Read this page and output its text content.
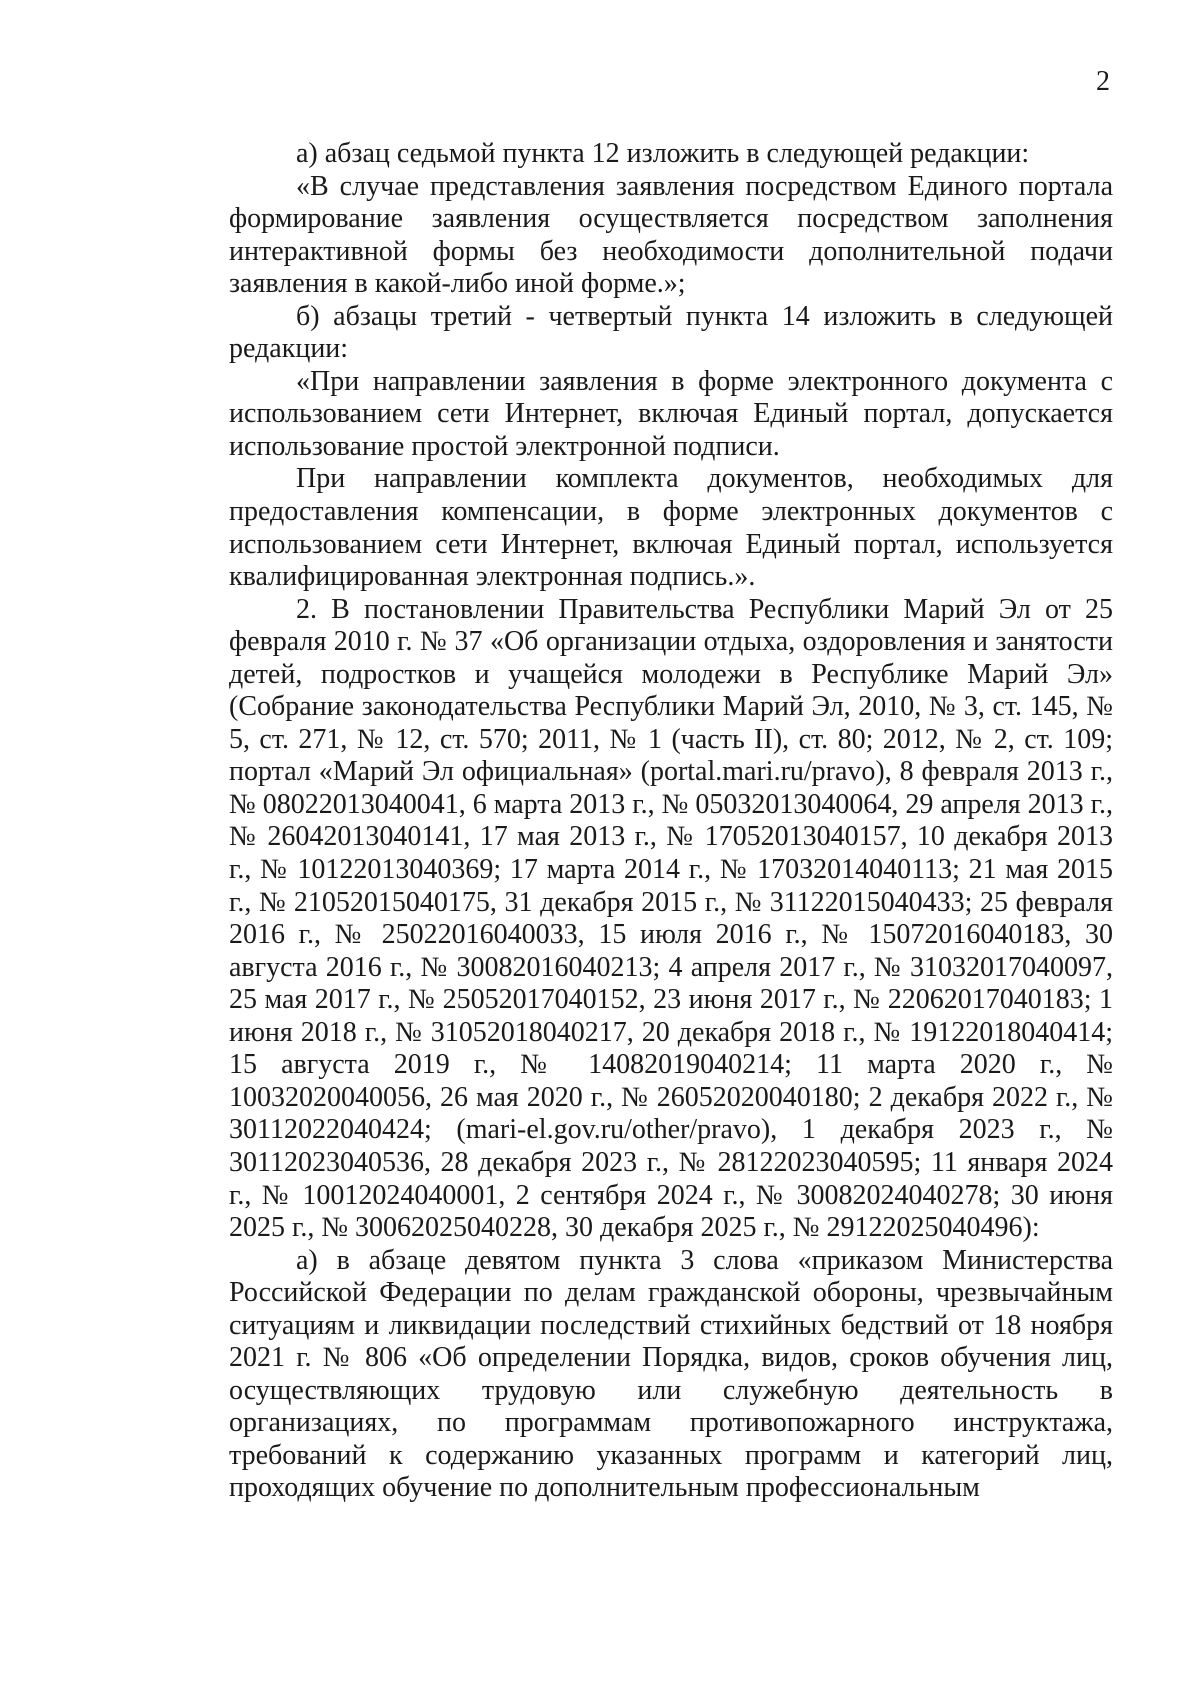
2

а) абзац седьмой пункта 12 изложить в следующей редакции:

«В случае представления заявления посредством Единого портала формирование заявления осуществляется посредством заполнения интерактивной формы без необходимости дополнительной подачи заявления в какой-либо иной форме.»;

б) абзацы третий - четвертый пункта 14 изложить в следующей редакции:

«При направлении заявления в форме электронного документа с использованием сети Интернет, включая Единый портал, допускается использование простой электронной подписи.

При направлении комплекта документов, необходимых для предоставления компенсации, в форме электронных документов с использованием сети Интернет, включая Единый портал, используется квалифицированная электронная подпись.».

2. В постановлении Правительства Республики Марий Эл от 25 февраля 2010 г. № 37 «Об организации отдыха, оздоровления и занятости детей, подростков и учащейся молодежи в Республике Марий Эл» (Собрание законодательства Республики Марий Эл, 2010, № 3, ст. 145, № 5, ст. 271, № 12, ст. 570; 2011, № 1 (часть II), ст. 80; 2012, № 2, ст. 109; портал «Марий Эл официальная» (portal.mari.ru/pravo), 8 февраля 2013 г., № 08022013040041, 6 марта 2013 г., № 05032013040064, 29 апреля 2013 г., № 26042013040141, 17 мая 2013 г., № 17052013040157, 10 декабря 2013 г., № 10122013040369; 17 марта 2014 г., № 17032014040113; 21 мая 2015 г., № 21052015040175, 31 декабря 2015 г., № 31122015040433; 25 февраля 2016 г., № 25022016040033, 15 июля 2016 г., № 15072016040183, 30 августа 2016 г., № 30082016040213; 4 апреля 2017 г., № 31032017040097, 25 мая 2017 г., № 25052017040152, 23 июня 2017 г., № 22062017040183; 1 июня 2018 г., № 31052018040217, 20 декабря 2018 г., № 19122018040414; 15 августа 2019 г., № 14082019040214; 11 марта 2020 г., № 10032020040056, 26 мая 2020 г., № 26052020040180; 2 декабря 2022 г., № 30112022040424; (mari-el.gov.ru/other/pravo), 1 декабря 2023 г., № 30112023040536, 28 декабря 2023 г., № 28122023040595; 11 января 2024 г., № 10012024040001, 2 сентября 2024 г., № 30082024040278; 30 июня 2025 г., № 30062025040228, 30 декабря 2025 г., № 29122025040496):

а) в абзаце девятом пункта 3 слова «приказом Министерства Российской Федерации по делам гражданской обороны, чрезвычайным ситуациям и ликвидации последствий стихийных бедствий от 18 ноября 2021 г. № 806 «Об определении Порядка, видов, сроков обучения лиц, осуществляющих трудовую или служебную деятельность в организациях, по программам противопожарного инструктажа, требований к содержанию указанных программ и категорий лиц, проходящих обучение по дополнительным профессиональным
